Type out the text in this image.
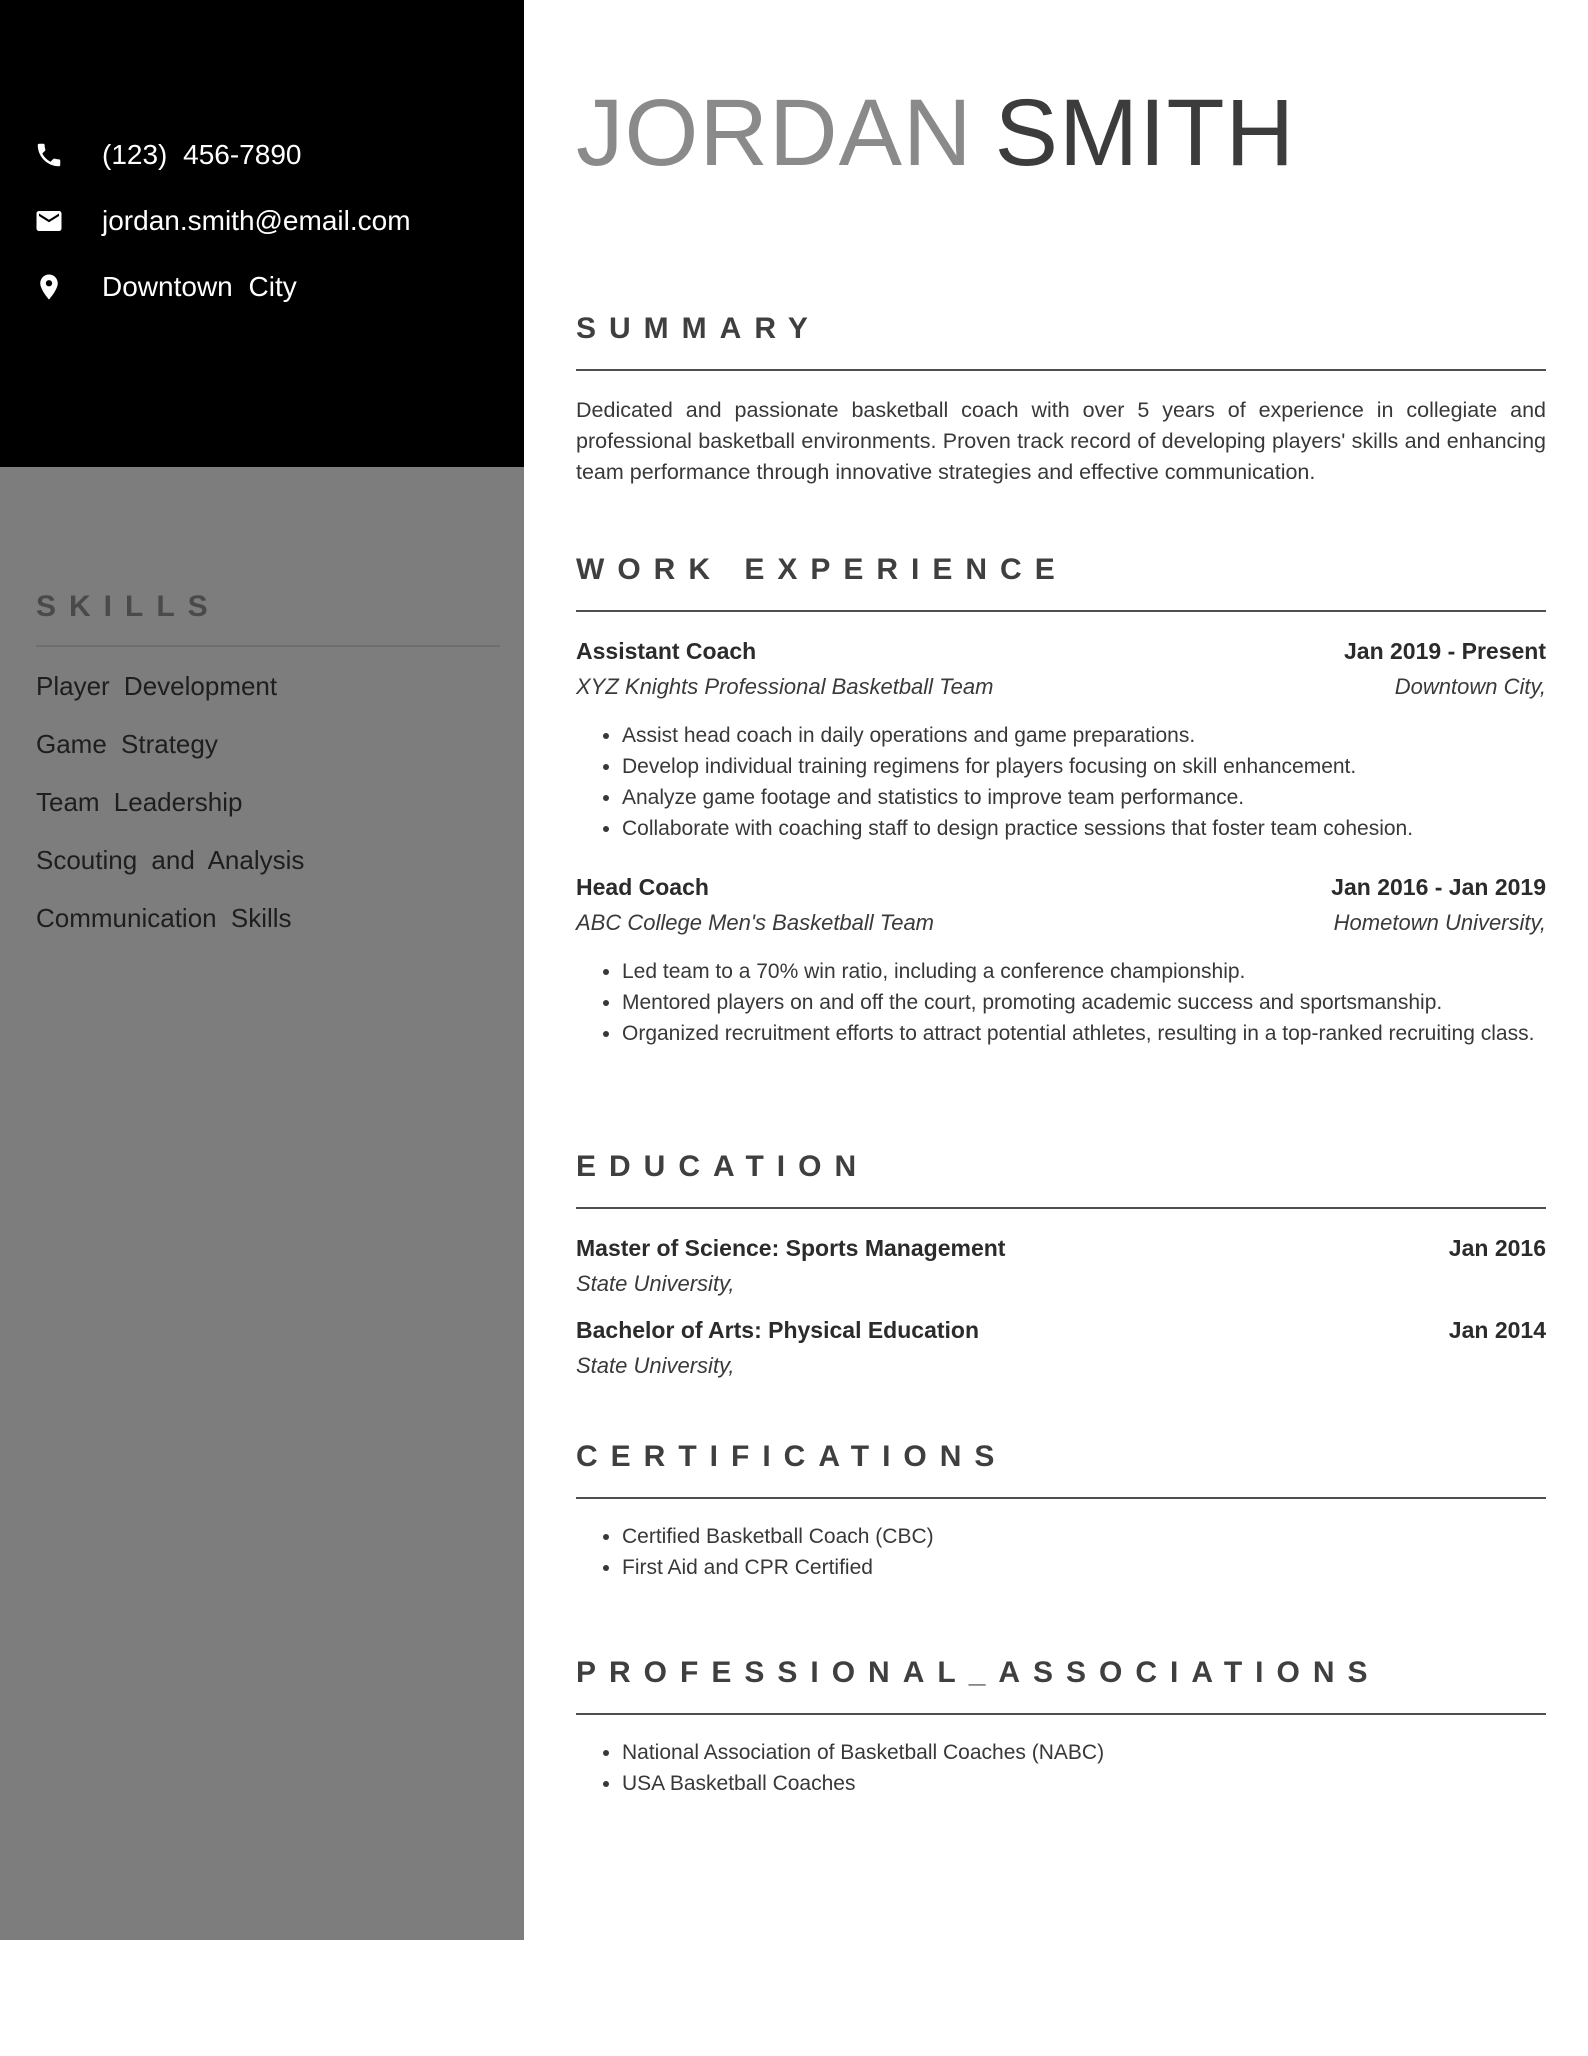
(123) 456-7890
jordan.smith@email.com
Downtown City
SKILLS
Player Development
Game Strategy
Team Leadership
Scouting and Analysis
Communication Skills
JORDAN SMITH
SUMMARY

Dedicated and passionate basketball coach with over 5 years of experience in collegiate and professional basketball environments. Proven track record of developing players' skills and enhancing team performance through innovative strategies and effective communication.

WORK EXPERIENCE
Assistant Coach	Jan 2019 - Present
XYZ Knights Professional Basketball Team	Downtown City,
• Assist head coach in daily operations and game preparations.
• Develop individual training regimens for players focusing on skill enhancement.
• Analyze game footage and statistics to improve team performance.
• Collaborate with coaching staff to design practice sessions that foster team cohesion.
Head Coach	Jan 2016 - Jan 2019
ABC College Men's Basketball Team	Hometown University,
• Led team to a 70% win ratio, including a conference championship.
• Mentored players on and off the court, promoting academic success and sportsmanship.
• Organized recruitment efforts to attract potential athletes, resulting in a top-ranked recruiting class.
EDUCATION
Master of Science: Sports Management	Jan 2016
State University,
Bachelor of Arts: Physical Education	Jan 2014
State University,
CERTIFICATIONS
• Certified Basketball Coach (CBC)
• First Aid and CPR Certified
PROFESSIONAL_ASSOCIATIONS
• National Association of Basketball Coaches (NABC)
• USA Basketball Coaches
